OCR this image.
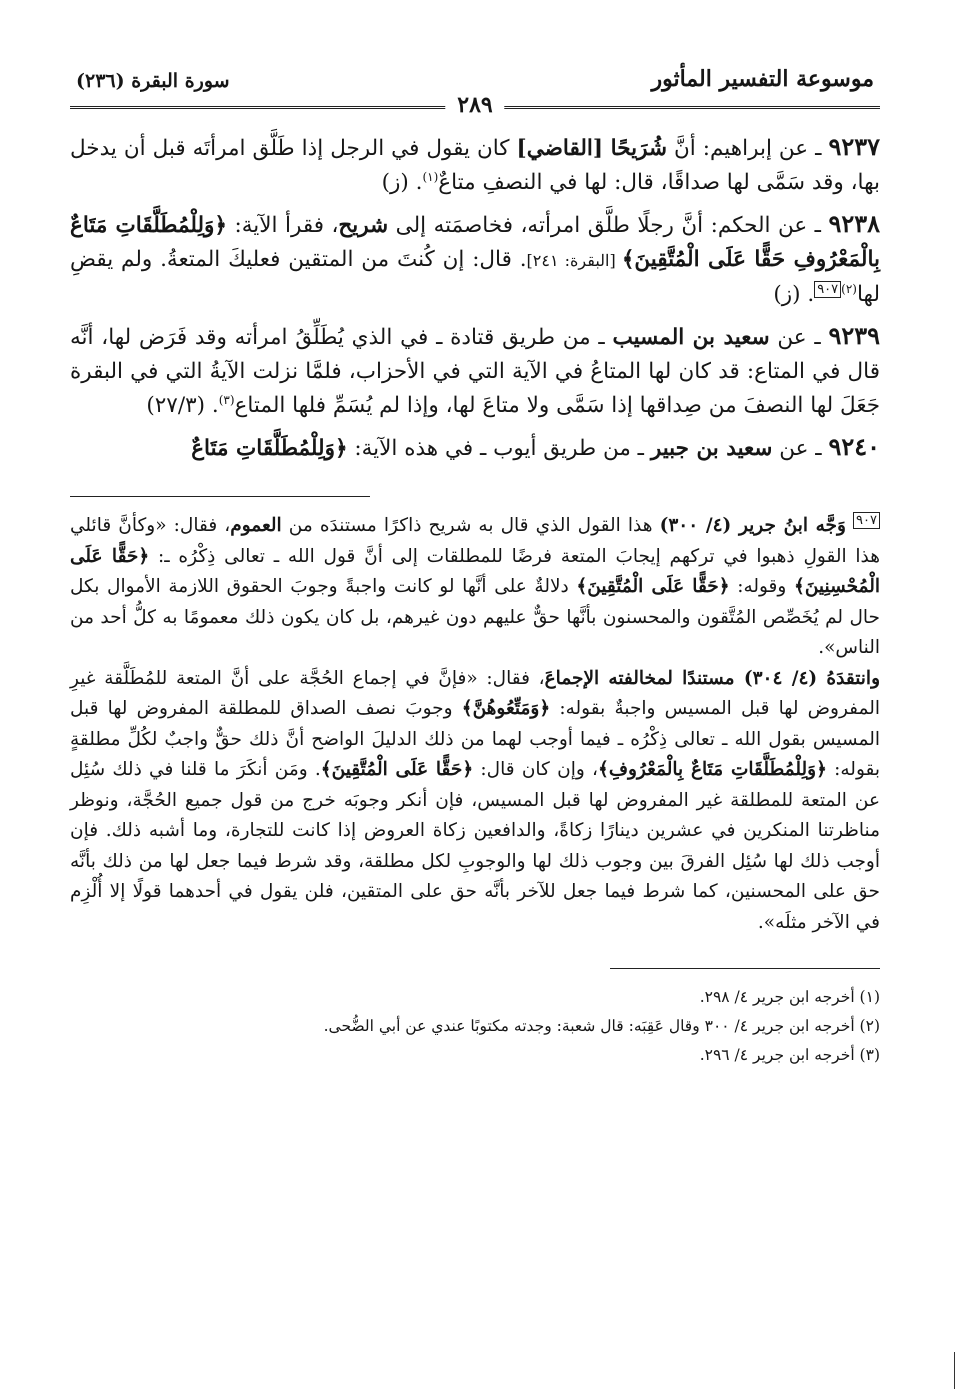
موسوعة التفسير المأثور
سورة البقرة (٢٣٦)
٢٨٩

٩٢٣٧ ـ عن إبراهيم: أنَّ شُرَيحًا [القاضي] كان يقول في الرجل إذا طَلَّق امرأتَه قبل أن يدخل بها، وقد سَمَّى لها صداقًا، قال: لها في النصفِ متاعٌ$^{(١)}$. (ز)

٩٢٣٨ ـ عن الحكم: أنَّ رجلًا طلَّق امرأته، فخاصمَته إلى شريح، فقرأ الآية: ﴿وَلِلْمُطَلَّقَاتِ مَتَاعٌ بِالْمَعْرُوفِ حَقًّا عَلَى الْمُتَّقِينَ﴾ [البقرة: ٢٤١]. قال: إن كُنتَ من المتقين فعليكَ المتعةُ. ولم يقضِ لها$^{(٢)}$٩٠٧. (ز)

٩٢٣٩ ـ عن سعيد بن المسيب ـ من طريق قتادة ـ في الذي يُطَلِّقُ امرأته وقد فَرَض لها، أنَّه قال في المتاع: قد كان لها المتاعُ في الآية التي في الأحزاب، فلمَّا نزلت الآيةُ التي في البقرة جَعَلَ لها النصفَ من صِداقها إذا سَمَّى ولا متاعَ لها، وإذا لم يُسَمِّ فلها المتاع$^{(٣)}$. (٢٧/٣)

٩٢٤٠ ـ عن سعيد بن جبير ـ من طريق أيوب ـ في هذه الآية: ﴿وَلِلْمُطَلَّقَاتِ مَتَاعٌ

٩٠٧ وَجَّه ابنُ جرير (٤/ ٣٠٠) هذا القول الذي قال به شريح ذاكرًا مستندَه من العموم، فقال: «وكأنَّ قائلي هذا القولِ ذهبوا في تركهم إيجابَ المتعة فرضًا للمطلقات إلى أنَّ قول الله ـ تعالى ذِكْرُه ـ: ﴿حَقًّا عَلَى الْمُحْسِنِينَ﴾ وقوله: ﴿حَقًّا عَلَى الْمُتَّقِينَ﴾ دلالةٌ على أنَّها لو كانت واجبةً وجوبَ الحقوق اللازمة الأموال بكل حال لم يُخَصِّص المُتَّقون والمحسنون بأنَّها حقٌّ عليهم دون غيرهم، بل كان يكون ذلك معمومًا به كلُّ أحد من الناس».

وانتقدَهُ (٤/ ٣٠٤) مستندًا لمخالفته الإجماعَ، فقال: «فإنَّ في إجماع الحُجَّة على أنَّ المتعة للمُطَلَّقة غيرِ المفروض لها قبل المسيس واجبةٌ بقوله: ﴿وَمَتِّعُوهُنَّ﴾ وجوبَ نصف الصداق للمطلقة المفروض لها قبل المسيس بقول الله ـ تعالى ذِكْرُه ـ فيما أوجب لهما من ذلك الدليلَ الواضح أنَّ ذلك حقٌّ واجبٌ لكُلِّ مطلقةٍ بقوله: ﴿وَلِلْمُطَلَّقَاتِ مَتَاعٌ بِالْمَعْرُوفِ﴾، وإن كان قال: ﴿حَقًّا عَلَى الْمُتَّقِينَ﴾. ومَن أنكَرَ ما قلنا في ذلك سُئِل عن المتعة للمطلقة غير المفروض لها قبل المسيس، فإن أنكر وجوبَه خرج من قول جميع الحُجَّة، ونوظر مناظرتنا المنكرين في عشرين دينارًا زكاةً، والدافعين زكاة العروض إذا كانت للتجارة، وما أشبه ذلك. فإن أوجب ذلك لها سُئِل الفرقَ بين وجوب ذلك لها والوجوبِ لكل مطلقة، وقد شرط فيما جعل لها من ذلك بأنَّه حق على المحسنين، كما شرط فيما جعل للآخر بأنَّه حق على المتقين، فلن يقول في أحدهما قولًا إلا أُلْزِم في الآخر مثلَه».

(١) أخرجه ابن جرير ٤/ ٢٩٨.

(٢) أخرجه ابن جرير ٤/ ٣٠٠ وقال عَقِبَه: قال شعبة: وجدته مكتوبًا عندي عن أبي الضُّحى.

(٣) أخرجه ابن جرير ٤/ ٢٩٦.
